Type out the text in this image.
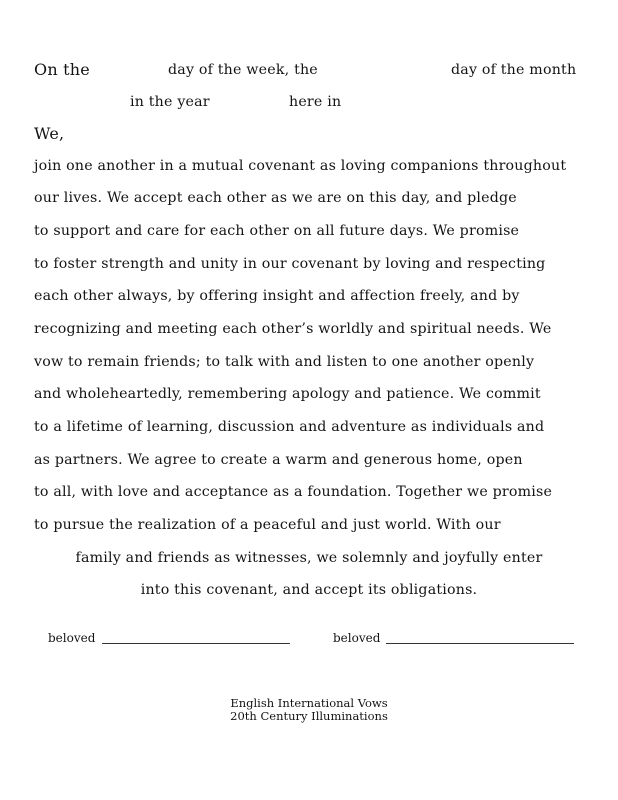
On the	day of the week, the	day of the month
in the year	here in
We,
join one another in a mutual covenant as loving companions throughout
our lives. We accept each other as we are on this day, and pledge
to support and care for each other on all future days. We promise
to foster strength and unity in our covenant by loving and respecting
each other always, by offering insight and affection freely, and by
recognizing and meeting each other’s worldly and spiritual needs. We
vow to remain friends; to talk with and listen to one another openly
and wholeheartedly, remembering apology and patience. We commit
to a lifetime of learning, discussion and adventure as individuals and
as partners. We agree to create a warm and generous home, open
to all, with love and acceptance as a foundation. Together we promise
to pursue the realization of a peaceful and just world. With our
family and friends as witnesses, we solemnly and joyfully enter
into this covenant, and accept its obligations.
beloved	beloved
English International Vows
20th Century Illuminations
